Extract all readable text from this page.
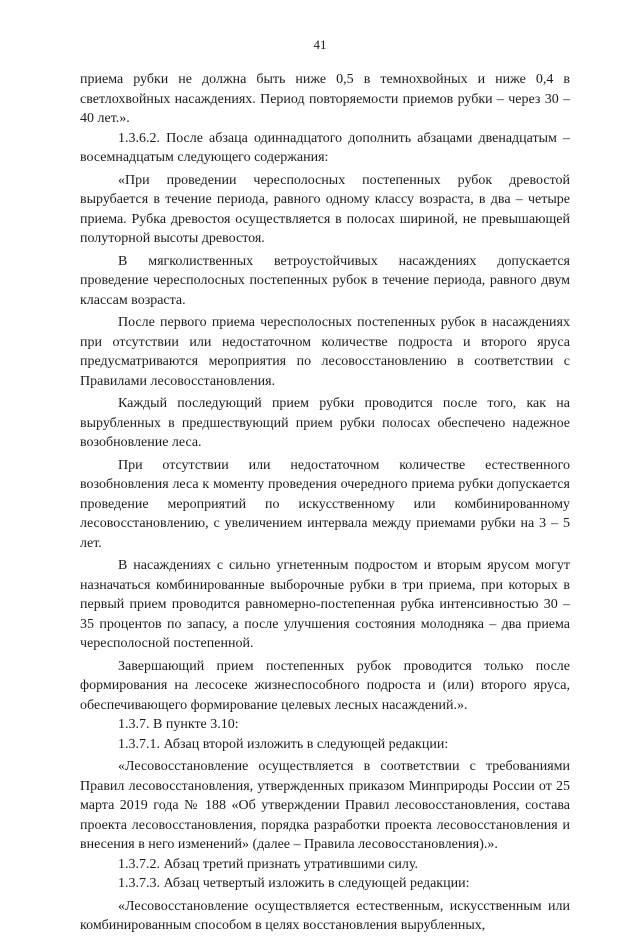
41

приема рубки не должна быть ниже 0,5 в темнохвойных и ниже 0,4 в светлохвойных насаждениях. Период повторяемости приемов рубки – через 30 – 40 лет.».

1.3.6.2. После абзаца одиннадцатого дополнить абзацами двенадцатым – восемнадцатым следующего содержания:

«При проведении чересполосных постепенных рубок древостой вырубается в течение периода, равного одному классу возраста, в два – четыре приема. Рубка древостоя осуществляется в полосах шириной, не превышающей полуторной высоты древостоя.

В мягколиственных ветроустойчивых насаждениях допускается проведение чересполосных постепенных рубок в течение периода, равного двум классам возраста.

После первого приема чересполосных постепенных рубок в насаждениях при отсутствии или недостаточном количестве подроста и второго яруса предусматриваются мероприятия по лесовосстановлению в соответствии с Правилами лесовосстановления.

Каждый последующий прием рубки проводится после того, как на вырубленных в предшествующий прием рубки полосах обеспечено надежное возобновление леса.

При отсутствии или недостаточном количестве естественного возобновления леса к моменту проведения очередного приема рубки допускается проведение мероприятий по искусственному или комбинированному лесовосстановлению, с увеличением интервала между приемами рубки на 3 – 5 лет.

В насаждениях с сильно угнетенным подростом и вторым ярусом могут назначаться комбинированные выборочные рубки в три приема, при которых в первый прием проводится равномерно-постепенная рубка интенсивностью 30 – 35 процентов по запасу, а после улучшения состояния молодняка – два приема чересполосной постепенной.

Завершающий прием постепенных рубок проводится только после формирования на лесосеке жизнеспособного подроста и (или) второго яруса, обеспечивающего формирование целевых лесных насаждений.».

1.3.7. В пункте 3.10:

1.3.7.1. Абзац второй изложить в следующей редакции:

«Лесовосстановление осуществляется в соответствии с требованиями Правил лесовосстановления, утвержденных приказом Минприроды России от 25 марта 2019 года № 188 «Об утверждении Правил лесовосстановления, состава проекта лесовосстановления, порядка разработки проекта лесовосстановления и внесения в него изменений» (далее – Правила лесовосстановления).».

1.3.7.2. Абзац третий признать утратившими силу.

1.3.7.3. Абзац четвертый изложить в следующей редакции:

«Лесовосстановление осуществляется естественным, искусственным или комбинированным способом в целях восстановления вырубленных,
